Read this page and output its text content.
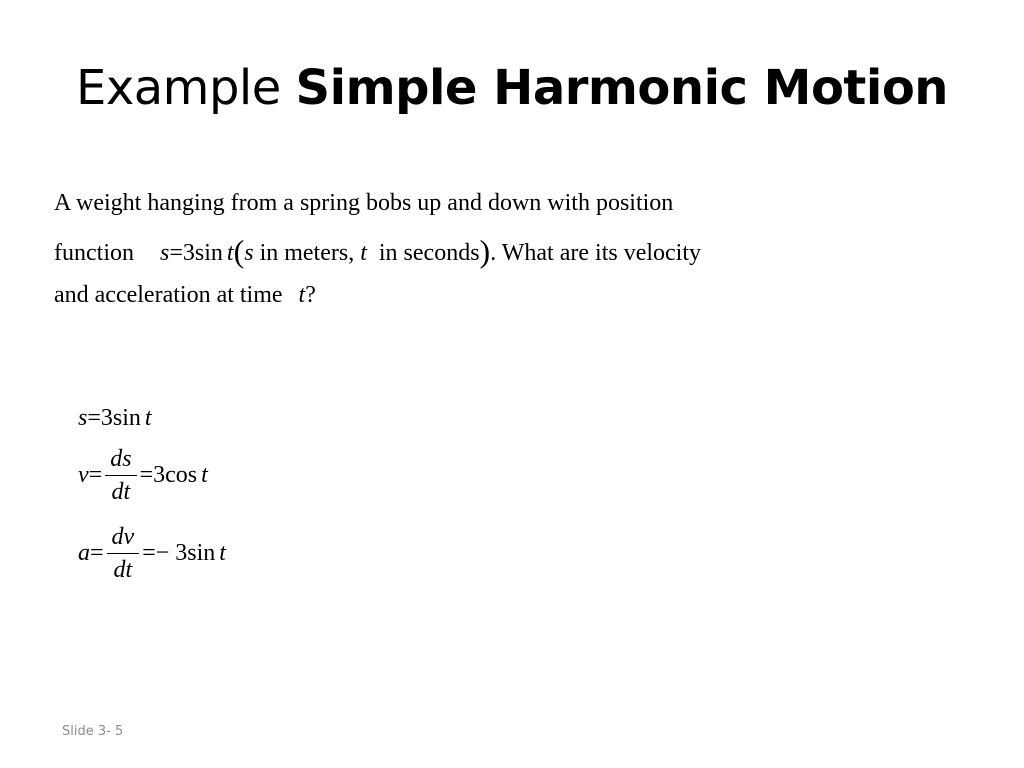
Example Simple Harmonic Motion
A weight hanging from a spring bobs up and down with position
function s=3sin t(s in meters, t in seconds). What are its velocity
and acceleration at time t?
s = 3sin t
$v = \frac{ds}{dt} = 3\cos$ t
$a = \frac{dv}{dt}$ = − 3sin t
Slide 3- 5
